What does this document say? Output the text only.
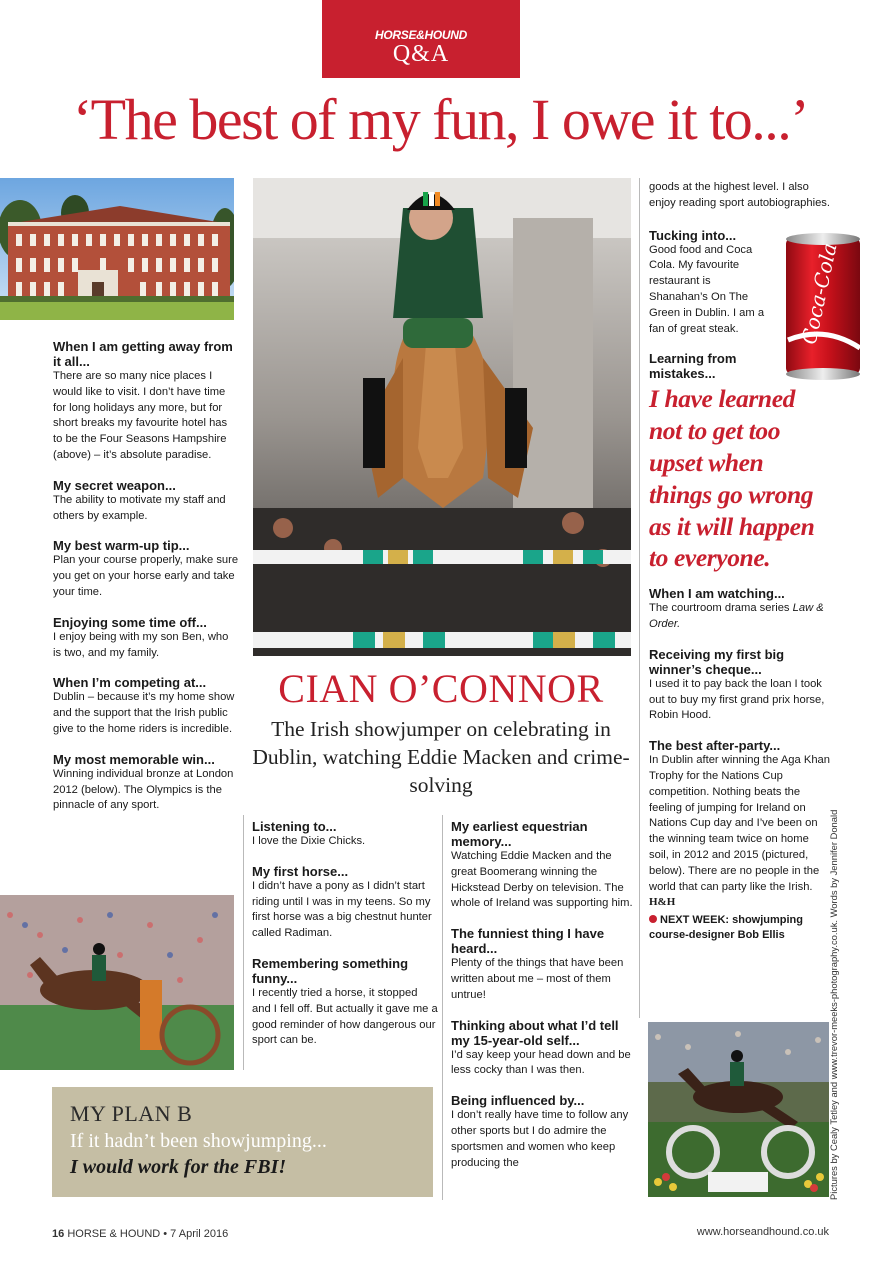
HORSE&HOUND
Q&A
‘The best of my fun, I owe it to...’
When I am getting away from it all...
There are so many nice places I would like to visit. I don’t have time for long holidays any more, but for short breaks my favourite hotel has to be the Four Seasons Hampshire (above) – it’s absolute paradise.
My secret weapon...
The ability to motivate my staff and others by example.
My best warm-up tip...
Plan your course properly, make sure you get on your horse early and take your time.
Enjoying some time off...
I enjoy being with my son Ben, who is two, and my family.
When I’m competing at...
Dublin – because it’s my home show and the support that the Irish public give to the home riders is incredible.
My most memorable win...
Winning individual bronze at London 2012 (below). The Olympics is the pinnacle of any sport.
CIAN O’CONNOR
The Irish showjumper on celebrating in Dublin, watching Eddie Macken and crime-solving
Listening to...
I love the Dixie Chicks.
My first horse...
I didn’t have a pony as I didn’t start riding until I was in my teens. So my first horse was a big chestnut hunter called Radiman.
Remembering something funny...
I recently tried a horse, it stopped and I fell off. But actually it gave me a good reminder of how dangerous our sport can be.
My earliest equestrian memory...
Watching Eddie Macken and the great Boomerang winning the Hickstead Derby on television. The whole of Ireland was supporting him.
The funniest thing I have heard...
Plenty of the things that have been written about me – most of them untrue!
Thinking about what I’d tell my 15-year-old self...
I’d say keep your head down and be less cocky than I was then.
Being influenced by...
I don’t really have time to follow any other sports but I do admire the sportsmen and women who keep producing the
goods at the highest level. I also enjoy reading sport autobiographies.
Tucking into...
Good food and Coca Cola. My favourite restaurant is Shanahan’s On The Green in Dublin. I am a fan of great steak.
Learning from mistakes...
I have learned not to get too upset when things go wrong as it will happen to everyone.
When I am watching...
The courtroom drama series Law & Order.
Receiving my first big winner’s cheque...
I used it to pay back the loan I took out to buy my first grand prix horse, Robin Hood.
The best after-party...
In Dublin after winning the Aga Khan Trophy for the Nations Cup competition. Nothing beats the feeling of jumping for Ireland on Nations Cup day and I’ve been on the winning team twice on home soil, in 2012 and 2015 (pictured, below). There are no people in the world that can party like the Irish. H&H
NEXT WEEK: showjumping course-designer Bob Ellis
Coca-Cola
MY PLAN B
If it hadn’t been showjumping...
I would work for the FBI!
16 HORSE & HOUND • 7 April 2016	www.horseandhound.co.uk
Pictures by Cealy Tetley and www.trevor-meeks-photography.co.uk. Words by Jennifer Donald
